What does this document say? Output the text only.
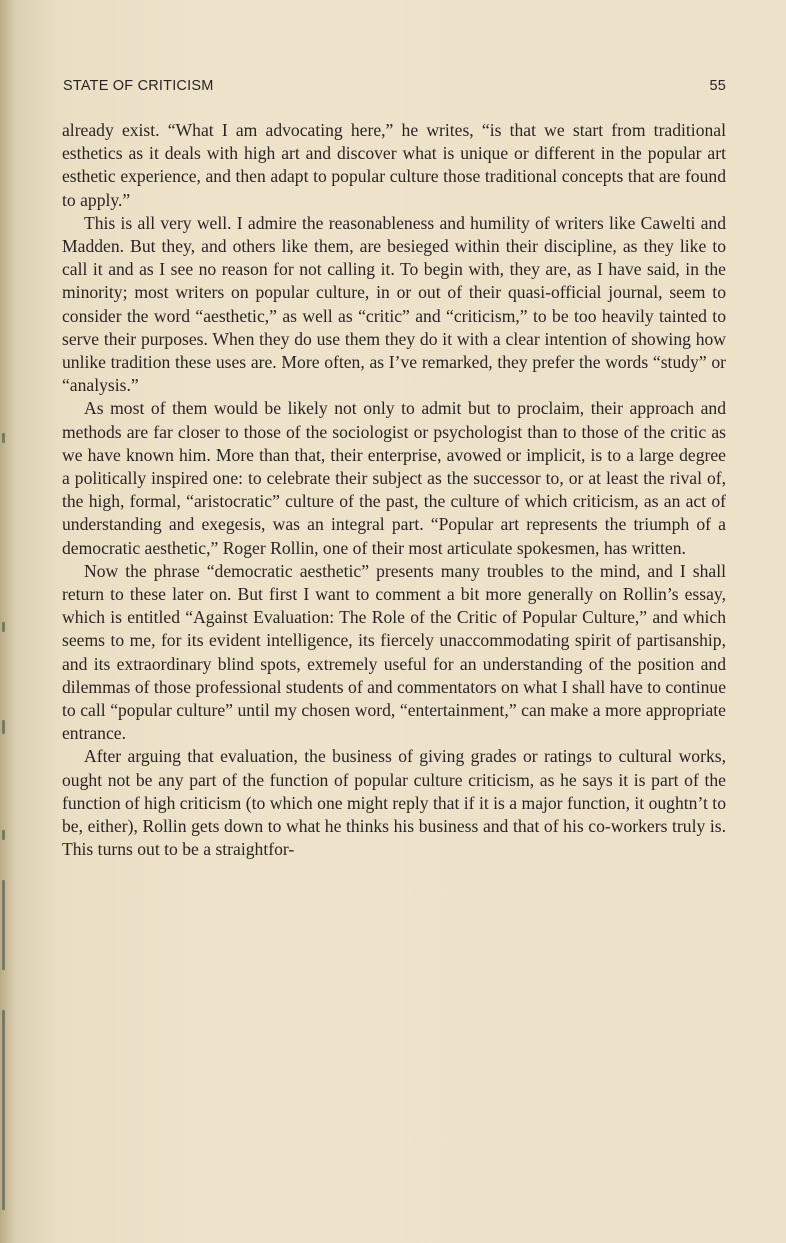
STATE OF CRITICISM	55

already exist. “What I am advocating here,” he writes, “is that we start from traditional esthetics as it deals with high art and discover what is unique or different in the popular art esthetic experience, and then adapt to popular culture those traditional concepts that are found to apply.”

This is all very well. I admire the reasonableness and humility of writers like Cawelti and Madden. But they, and others like them, are besieged within their discipline, as they like to call it and as I see no reason for not calling it. To begin with, they are, as I have said, in the minority; most writers on popular culture, in or out of their quasi-official journal, seem to consider the word “aesthetic,” as well as “critic” and “criticism,” to be too heavily tainted to serve their purposes. When they do use them they do it with a clear intention of showing how unlike tradition these uses are. More often, as I’ve remarked, they prefer the words “study” or “analysis.”

As most of them would be likely not only to admit but to proclaim, their approach and methods are far closer to those of the sociologist or psychologist than to those of the critic as we have known him. More than that, their enterprise, avowed or implicit, is to a large degree a politically inspired one: to celebrate their subject as the successor to, or at least the rival of, the high, formal, “aristocratic” culture of the past, the culture of which criticism, as an act of understanding and exegesis, was an integral part. “Popular art represents the triumph of a democratic aesthetic,” Roger Rollin, one of their most articulate spokesmen, has written.

Now the phrase “democratic aesthetic” presents many troubles to the mind, and I shall return to these later on. But first I want to comment a bit more generally on Rollin’s essay, which is entitled “Against Evaluation: The Role of the Critic of Popular Culture,” and which seems to me, for its evident intelligence, its fiercely unaccommodating spirit of partisanship, and its extraordinary blind spots, extremely useful for an understanding of the position and dilemmas of those professional students of and commentators on what I shall have to continue to call “popular culture” until my chosen word, “entertainment,” can make a more appropriate entrance.

After arguing that evaluation, the business of giving grades or ratings to cultural works, ought not be any part of the function of popular culture criticism, as he says it is part of the function of high criticism (to which one might reply that if it is a major function, it oughtn’t to be, either), Rollin gets down to what he thinks his business and that of his co-workers truly is. This turns out to be a straightfor-
